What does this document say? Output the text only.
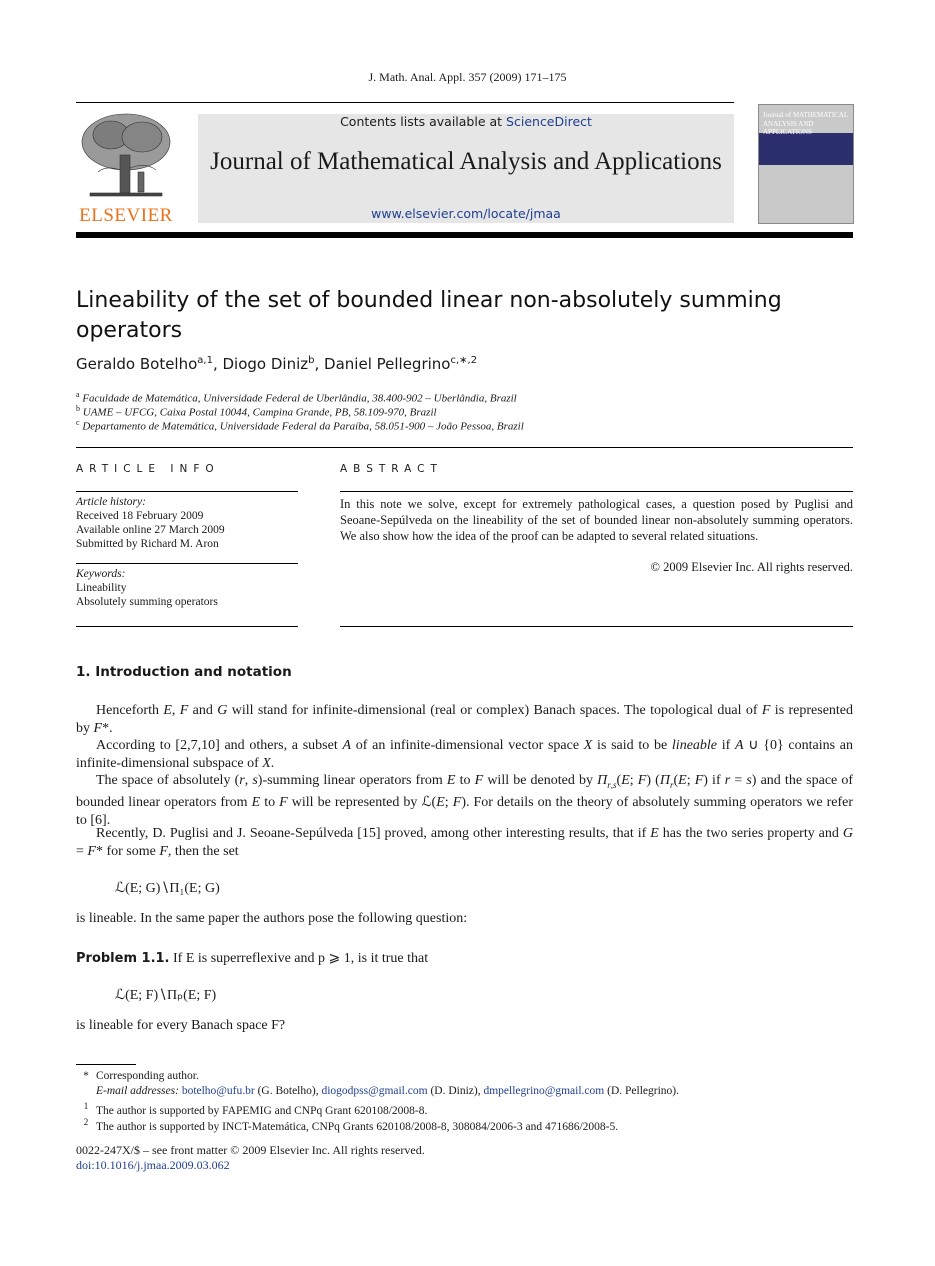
J. Math. Anal. Appl. 357 (2009) 171–175
ELSEVIER
Contents lists available at ScienceDirect
Journal of Mathematical Analysis and Applications
www.elsevier.com/locate/jmaa
Journal of MATHEMATICAL ANALYSIS AND APPLICATIONS
Lineability of the set of bounded linear non-absolutely summing
operators
Geraldo Botelho$^{a,1}$, Diogo Diniz$^b$, Daniel Pellegrino$^{c,∗,2}$
$^a$ Faculdade de Matemática, Universidade Federal de Uberlândia, 38.400-902 – Uberlândia, Brazil
$^b$ UAME – UFCG, Caixa Postal 10044, Campina Grande, PB, 58.109-970, Brazil
$^c$ Departamento de Matemática, Universidade Federal da Paraíba, 58.051-900 – João Pessoa, Brazil
ARTICLE INFO
Article history:
Received 18 February 2009
Available online 27 March 2009
Submitted by Richard M. Aron
Keywords:
Lineability
Absolutely summing operators
ABSTRACT
In this note we solve, except for extremely pathological cases, a question posed by Puglisi and Seoane-Sepúlveda on the lineability of the set of bounded linear non-absolutely summing operators. We also show how the idea of the proof can be adapted to several related situations.
© 2009 Elsevier Inc. All rights reserved.
1. Introduction and notation
Henceforth E, F and G will stand for infinite-dimensional (real or complex) Banach spaces. The topological dual of F is represented by F*.
According to [2,7,10] and others, a subset A of an infinite-dimensional vector space X is said to be lineable if A ∪ {0} contains an infinite-dimensional subspace of X.
The space of absolutely (r, s)-summing linear operators from E to F will be denoted by $\Pi_{r,s}(E$; F) ($\Pi_r(E$; F) if r = s) and the space of bounded linear operators from E to F will be represented by ℒ(E; F). For details on the theory of absolutely summing operators we refer to [6].
Recently, D. Puglisi and J. Seoane-Sepúlveda [15] proved, among other interesting results, that if E has the two series property and G = F* for some F, then the set
ℒ(E; G)∖Π₁(E; G)
is lineable. In the same paper the authors pose the following question:
Problem 1.1. If E is superreflexive and p ⩾ 1, is it true that
ℒ(E; F)∖Πₚ(E; F)
is lineable for every Banach space F?
* Corresponding author.
E-mail addresses: botelho@ufu.br (G. Botelho), diogodpss@gmail.com (D. Diniz), dmpellegrino@gmail.com (D. Pellegrino).
1 The author is supported by FAPEMIG and CNPq Grant 620108/2008-8.
2 The author is supported by INCT-Matemática, CNPq Grants 620108/2008-8, 308084/2006-3 and 471686/2008-5.
0022-247X/$ – see front matter © 2009 Elsevier Inc. All rights reserved.
doi:10.1016/j.jmaa.2009.03.062
